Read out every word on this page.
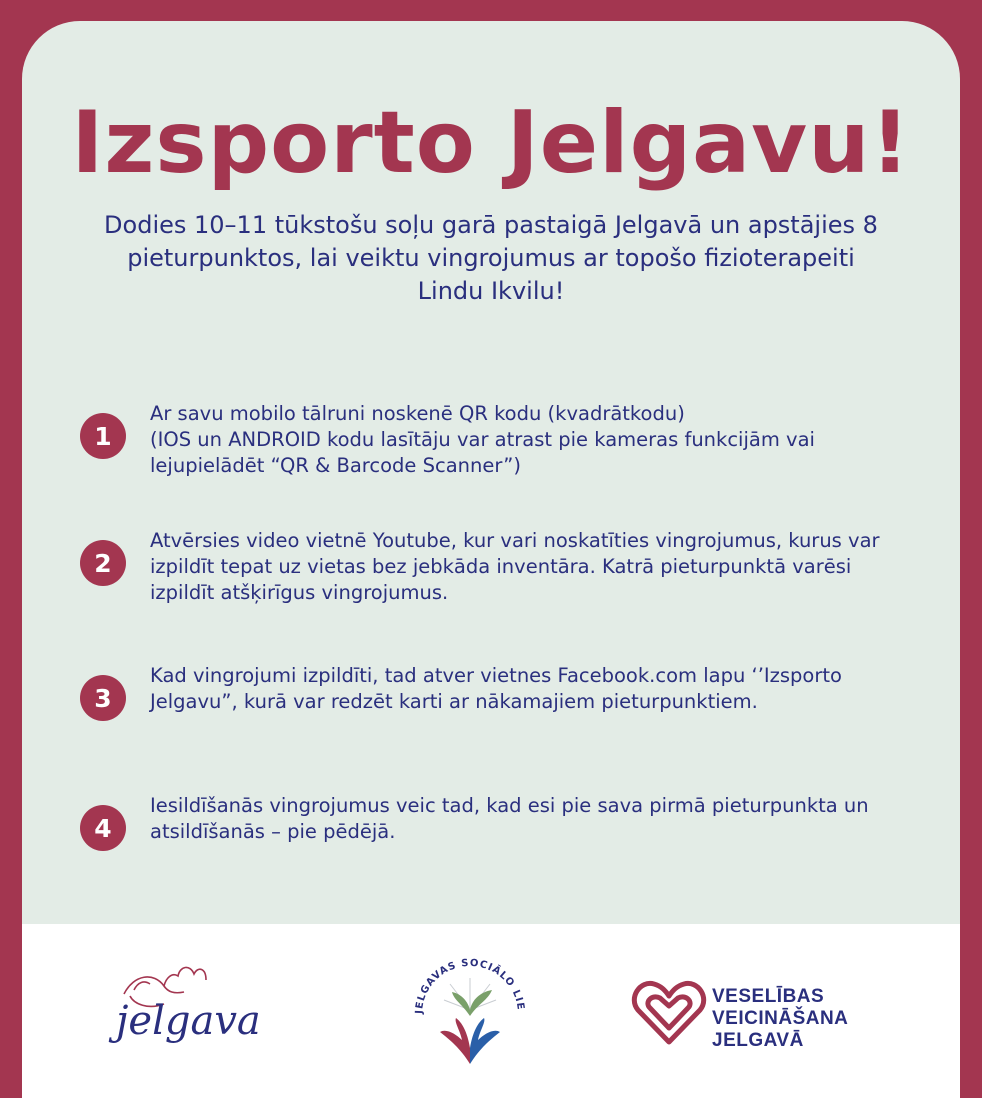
Izsporto Jelgavu!
Dodies 10–11 tūkstošu soļu garā pastaigā Jelgavā un apstājies 8 pieturpunktos, lai veiktu vingrojumus ar topošo fizioterapeiti Lindu Ikvilu!
1
Ar savu mobilo tālruni noskenē QR kodu (kvadrātkodu)
(IOS un ANDROID kodu lasītāju var atrast pie kameras funkcijām vai lejupielādēt “QR & Barcode Scanner”)
2
Atvērsies video vietnē Youtube, kur vari noskatīties vingrojumus, kurus var izpildīt tepat uz vietas bez jebkāda inventāra. Katrā pieturpunktā varēsi izpildīt atšķirīgus vingrojumus.
3
Kad vingrojumi izpildīti, tad atver vietnes Facebook.com lapu ‘’Izsporto Jelgavu”, kurā var redzēt karti ar nākamajiem pieturpunktiem.
4
Iesildīšanās vingrojumus veic tad, kad esi pie sava pirmā pieturpunkta un atsildīšanās – pie pēdējā.
jelgava	JELGAVAS SOCIĀLO LIE	VESELĪBAS
VEICINĀŠANA
JELGAVĀ
